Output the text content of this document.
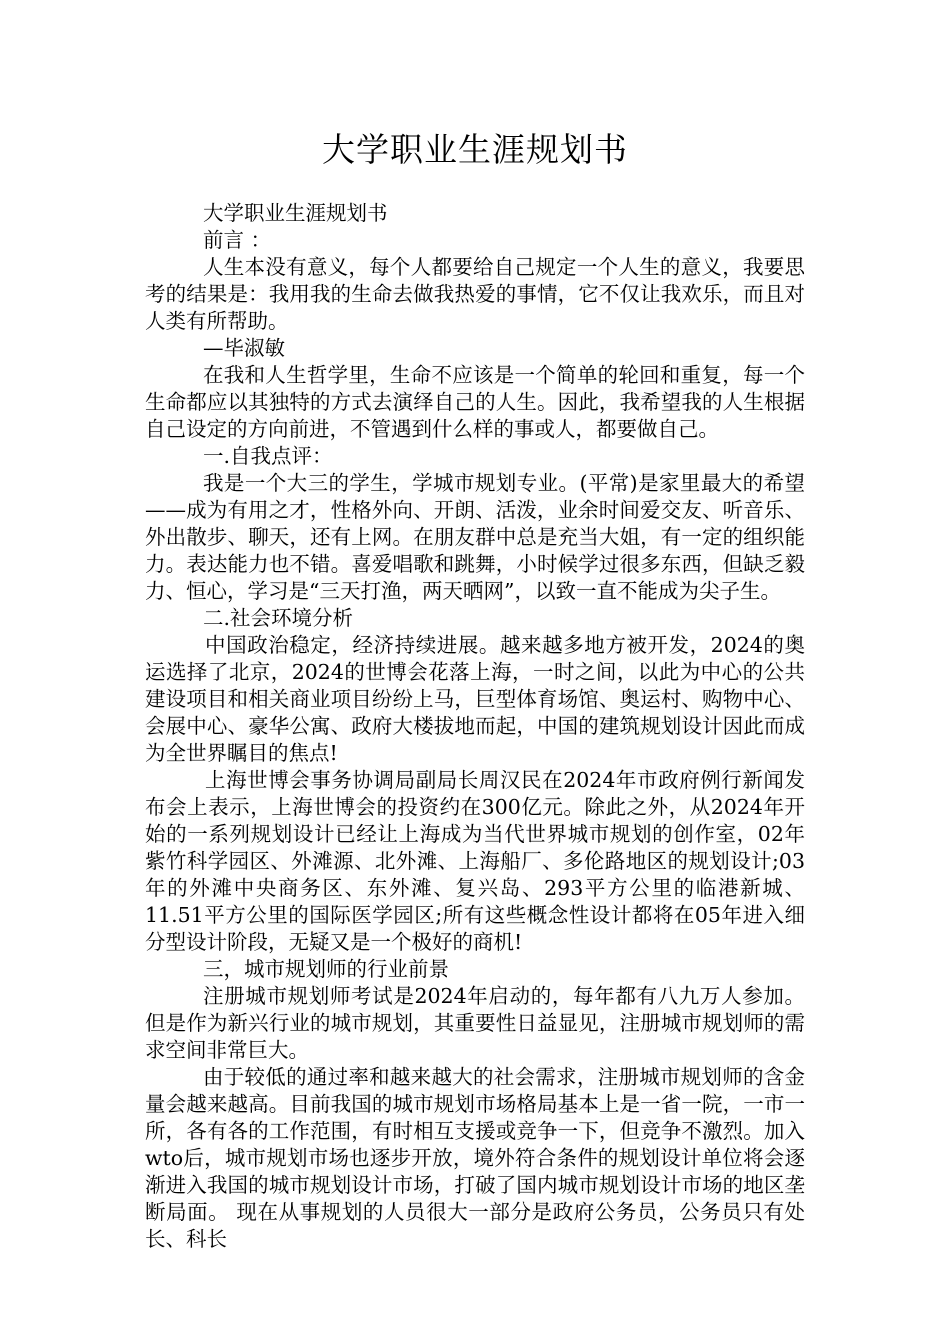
大学职业生涯规划书

大学职业生涯规划书

前言 ：

人生本没有意义，每个人都要给自己规定一个人生的意义，我要思考的结果是：我用我的生命去做我热爱的事情，它不仅让我欢乐，而且对人类有所帮助。

—毕淑敏

在我和人生哲学里，生命不应该是一个简单的轮回和重复，每一个生命都应以其独特的方式去演绎自己的人生。因此，我希望我的人生根据自己设定的方向前进，不管遇到什么样的事或人，都要做自己。

一.自我点评：

我是一个大三的学生，学城市规划专业。(平常)是家里最大的希望——成为有用之才，性格外向、开朗、活泼，业余时间爱交友、听音乐、外出散步、聊天，还有上网。在朋友群中总是充当大姐，有一定的组织能力。表达能力也不错。喜爱唱歌和跳舞，小时候学过很多东西，但缺乏毅力、恒心，学习是“三天打渔，两天晒网”，以致一直不能成为尖子生。

二.社会环境分析

中国政治稳定，经济持续进展。越来越多地方被开发，2024的奥运选择了北京，2024的世博会花落上海，一时之间，以此为中心的公共建设项目和相关商业项目纷纷上马，巨型体育场馆、奥运村、购物中心、会展中心、豪华公寓、政府大楼拔地而起，中国的建筑规划设计因此而成为全世界瞩目的焦点!

上海世博会事务协调局副局长周汉民在2024年市政府例行新闻发布会上表示，上海世博会的投资约在300亿元。除此之外，从2024年开始的一系列规划设计已经让上海成为当代世界城市规划的创作室，02年紫竹科学园区、外滩源、北外滩、上海船厂、多伦路地区的规划设计;03年的外滩中央商务区、东外滩、复兴岛、293平方公里的临港新城、11.51平方公里的国际医学园区;所有这些概念性设计都将在05年进入细分型设计阶段，无疑又是一个极好的商机!

三，城市规划师的行业前景

注册城市规划师考试是2024年启动的，每年都有八九万人参加。但是作为新兴行业的城市规划，其重要性日益显见，注册城市规划师的需求空间非常巨大。

由于较低的通过率和越来越大的社会需求，注册城市规划师的含金量会越来越高。目前我国的城市规划市场格局基本上是一省一院，一市一所，各有各的工作范围，有时相互支援或竞争一下，但竞争不激烈。加入wto后，城市规划市场也逐步开放，境外符合条件的规划设计单位将会逐渐进入我国的城市规划设计市场，打破了国内城市规划设计市场的地区垄断局面。 现在从事规划的人员很大一部分是政府公务员，公务员只有处长、科长
